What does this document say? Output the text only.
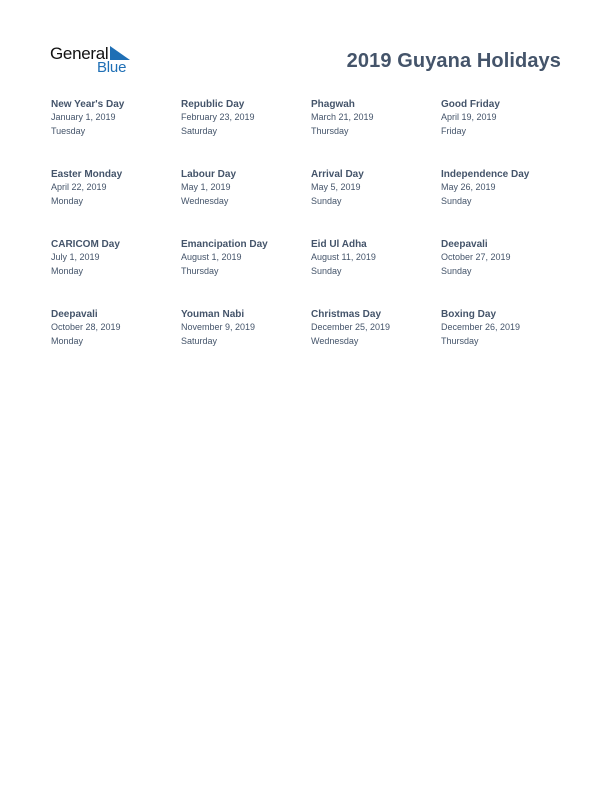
General
Blue	2019 Guyana Holidays
New Year's Day
January 1, 2019
Tuesday
Republic Day
February 23, 2019
Saturday
Phagwah
March 21, 2019
Thursday
Good Friday
April 19, 2019
Friday
Easter Monday
April 22, 2019
Monday
Labour Day
May 1, 2019
Wednesday
Arrival Day
May 5, 2019
Sunday
Independence Day
May 26, 2019
Sunday
CARICOM Day
July 1, 2019
Monday
Emancipation Day
August 1, 2019
Thursday
Eid Ul Adha
August 11, 2019
Sunday
Deepavali
October 27, 2019
Sunday
Deepavali
October 28, 2019
Monday
Youman Nabi
November 9, 2019
Saturday
Christmas Day
December 25, 2019
Wednesday
Boxing Day
December 26, 2019
Thursday
